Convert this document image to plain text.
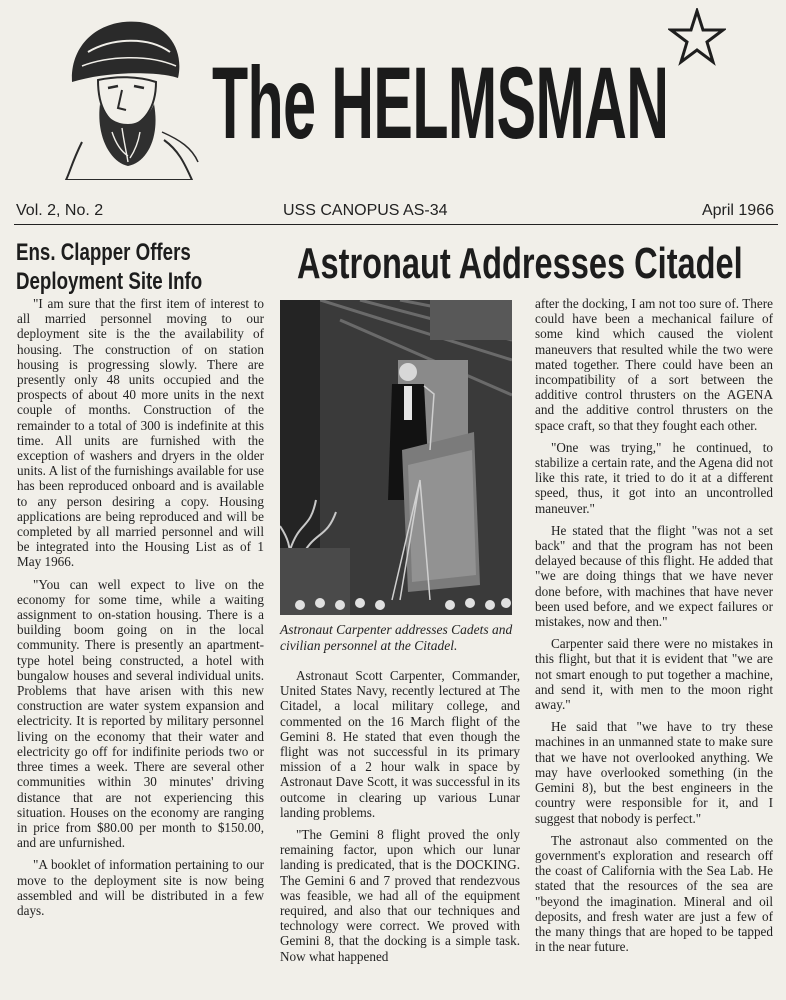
The HELMSMAN
Vol. 2, No. 2	USS CANOPUS AS-34	April 1966
Ens. Clapper Offers
Deployment Site Info

"I am sure that the first item of interest to all married personnel moving to our deployment site is the the availability of housing. The construction of on station housing is progressing slowly. There are presently only 48 units occupied and the prospects of about 40 more units in the next couple of months. Construction of the remainder to a total of 300 is indefinite at this time. All units are furnished with the exception of washers and dryers in the older units. A list of the furnishings available for use has been reproduced onboard and is available to any person desiring a copy. Housing applications are being reproduced and will be completed by all married personnel and will be integrated into the Housing List as of 1 May 1966.

"You can well expect to live on the economy for some time, while a waiting assignment to on-station housing. There is a building boom going on in the local community. There is presently an apartment-type hotel being constructed, a hotel with bungalow houses and several individual units. Problems that have arisen with this new construction are water system expansion and electricity. It is reported by military personnel living on the economy that their water and electricity go off for indifinite periods two or three times a week. There are several other communities within 30 minutes' driving distance that are not experiencing this situation. Houses on the economy are ranging in price from $80.00 per month to $150.00, and are unfurnished.

"A booklet of information pertaining to our move to the deployment site is now being assembled and will be distributed in a few days.

Astronaut Addresses Citadel
Astronaut Carpenter addresses Cadets and civilian personnel at the Citadel.

Astronaut Scott Carpenter, Commander, United States Navy, recently lectured at The Citadel, a local military college, and commented on the 16 March flight of the Gemini 8. He stated that even though the flight was not successful in its primary mission of a 2 hour walk in space by Astronaut Dave Scott, it was successful in its outcome in clearing up various Lunar landing problems.

"The Gemini 8 flight proved the only remaining factor, upon which our lunar landing is predicated, that is the DOCKING. The Gemini 6 and 7 proved that rendezvous was feasible, we had all of the equipment required, and also that our techniques and technology were correct. We proved with Gemini 8, that the docking is a simple task. Now what happened

after the docking, I am not too sure of. There could have been a mechanical failure of some kind which caused the violent maneuvers that resulted while the two were mated together. There could have been an incompatibility of a sort between the additive control thrusters on the AGENA and the additive control thrusters on the space craft, so that they fought each other.

"One was trying," he continued, to stabilize a certain rate, and the Agena did not like this rate, it tried to do it at a different speed, thus, it got into an uncontrolled maneuver."

He stated that the flight "was not a set back" and that the program has not been delayed because of this flight. He added that "we are doing things that we have never done before, with machines that have never been used before, and we expect failures or mistakes, now and then."

Carpenter said there were no mistakes in this flight, but that it is evident that "we are not smart enough to put together a machine, and send it, with men to the moon right away."

He said that "we have to try these machines in an unmanned state to make sure that we have not overlooked anything. We may have overlooked something (in the Gemini 8), but the best engineers in the country were responsible for it, and I suggest that nobody is perfect."

The astronaut also commented on the government's exploration and research off the coast of California with the Sea Lab. He stated that the resources of the sea are "beyond the imagination. Mineral and oil deposits, and fresh water are just a few of the many things that are hoped to be tapped in the near future.
